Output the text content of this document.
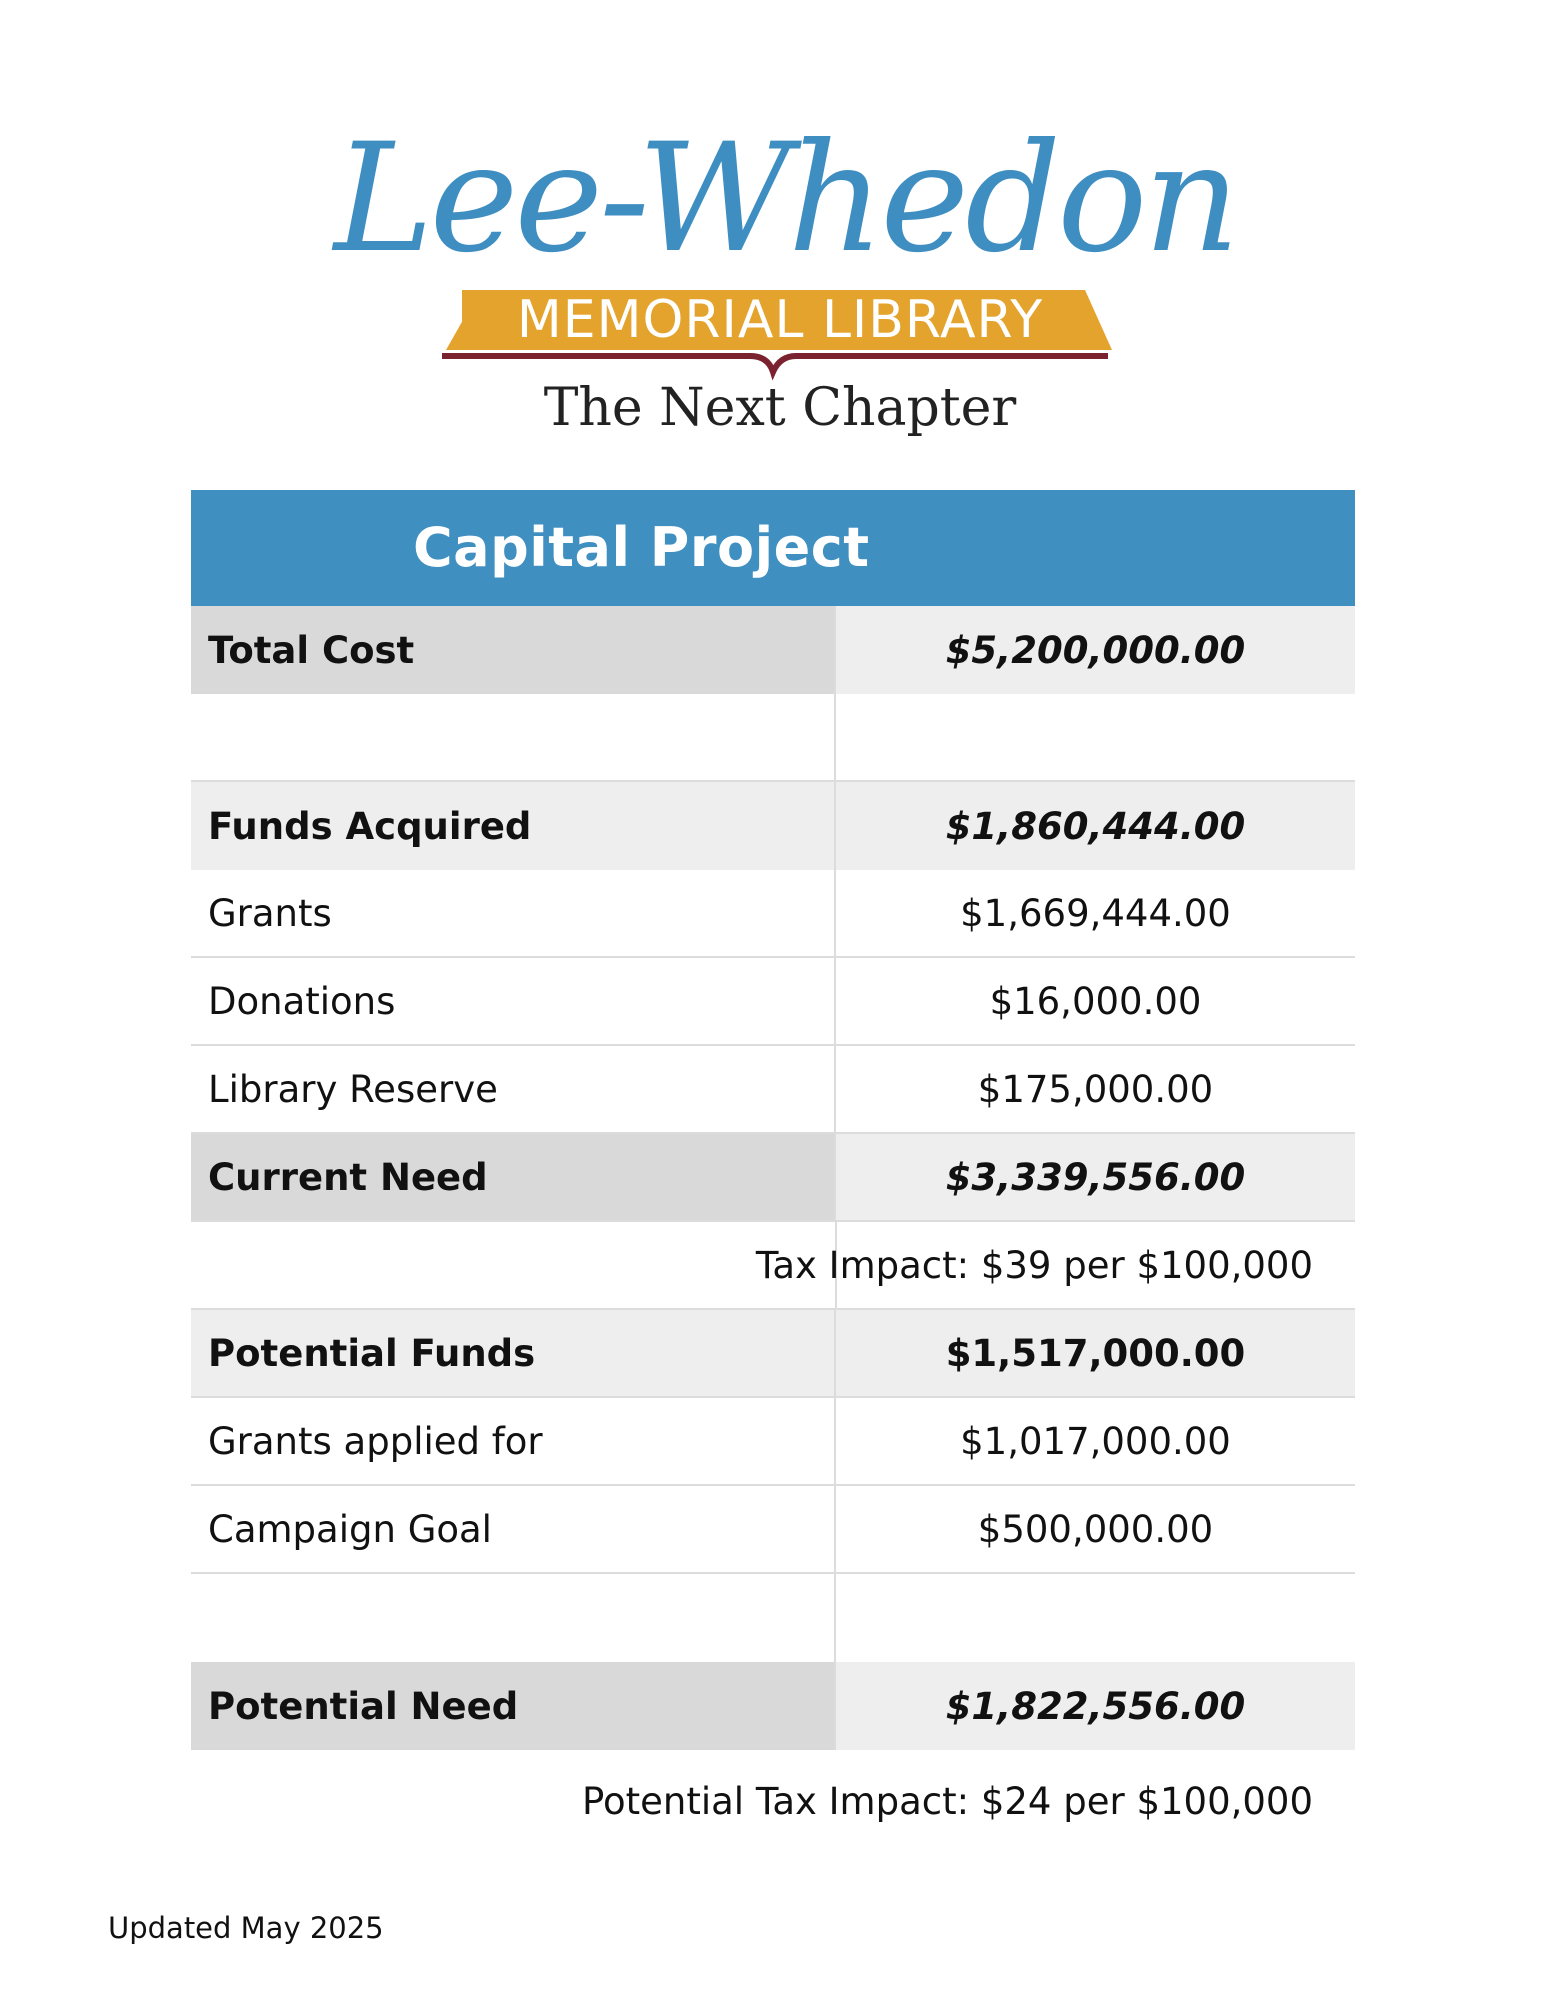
Lee-Whedon
MEMORIAL LIBRARY
The Next Chapter
Capital Project
Total Cost	$5,200,000.00
Funds Acquired	$1,860,444.00
Grants	$1,669,444.00
Donations	$16,000.00
Library Reserve	$175,000.00
Current Need	$3,339,556.00
Tax Impact: $39 per $100,000
Potential Funds	$1,517,000.00
Grants applied for	$1,017,000.00
Campaign Goal	$500,000.00
Potential Need	$1,822,556.00
Potential Tax Impact: $24 per $100,000
Updated May 2025
